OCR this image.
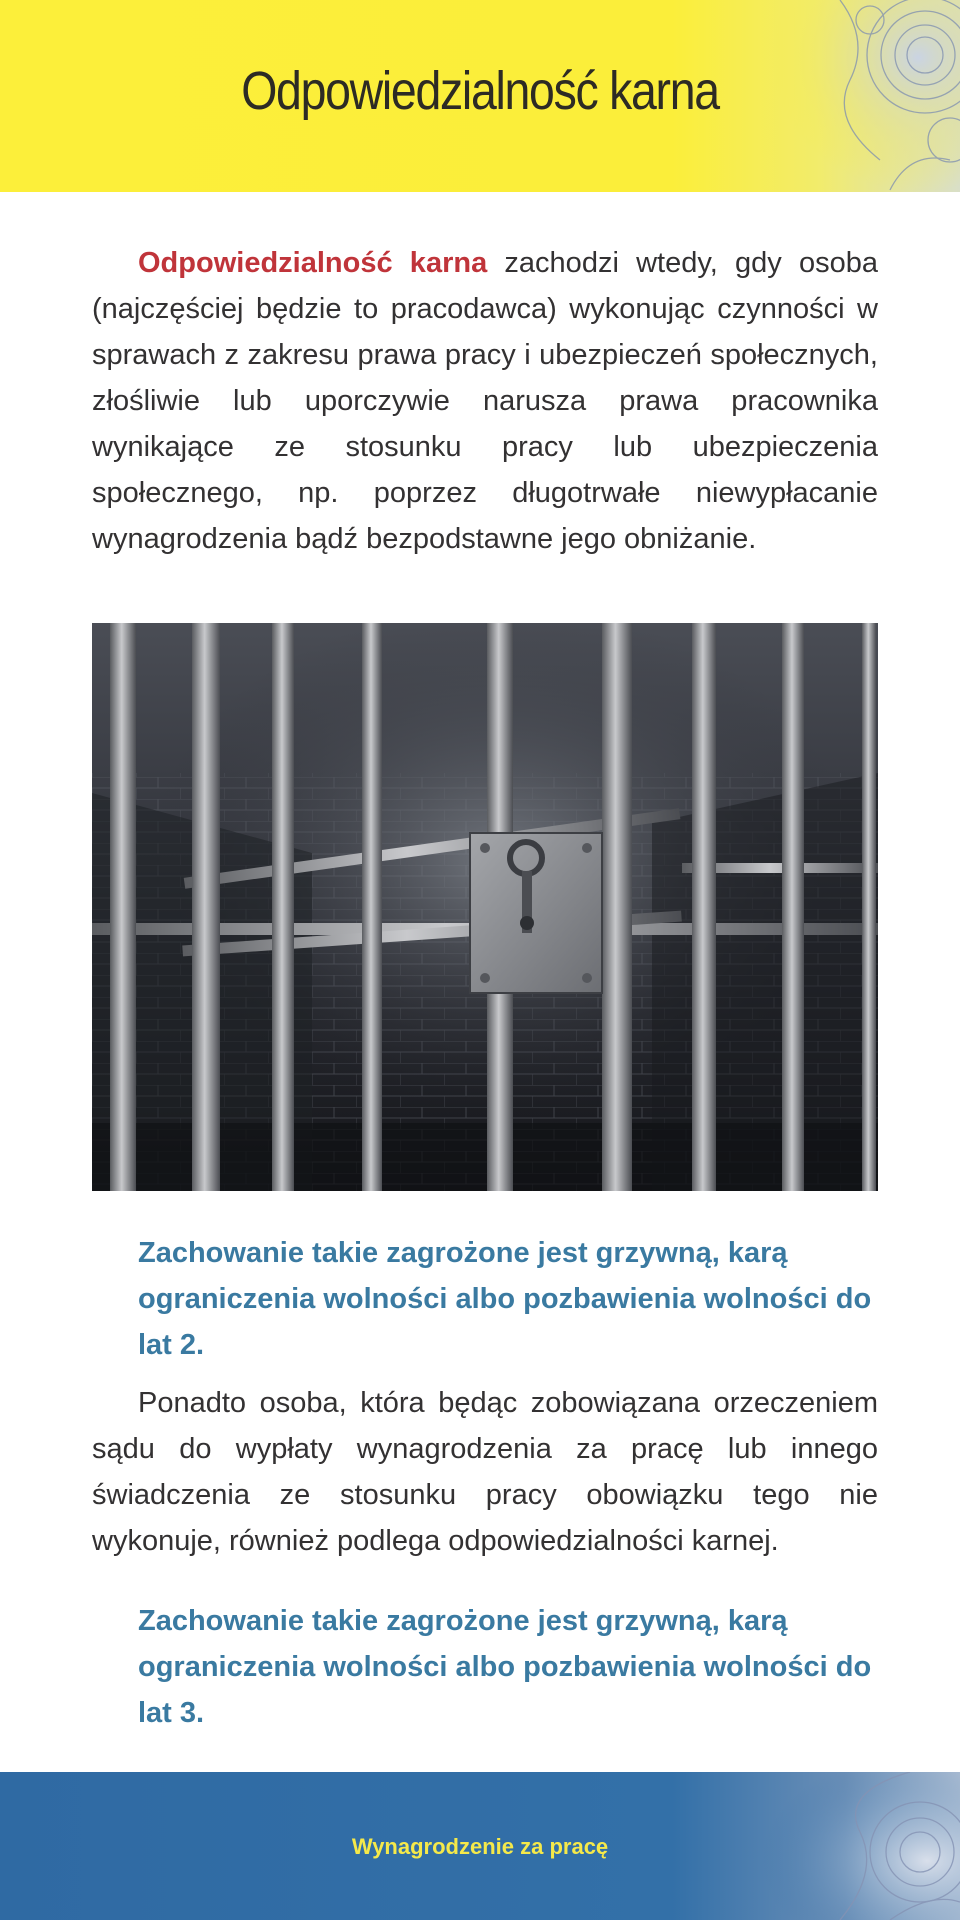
Odpowiedzialność karna

Odpowiedzialność karna zachodzi wtedy, gdy osoba (najczęściej będzie to pracodawca) wykonując czynności w sprawach z zakresu prawa pracy i ubezpieczeń społecznych, złośliwie lub uporczywie narusza prawa pracownika wynikające ze stosunku pracy lub ubezpieczenia społecznego, np. poprzez długotrwałe niewypłacanie wynagrodzenia bądź bezpodstawne jego obniżanie.

Zachowanie takie zagrożone jest grzywną, karą ograniczenia wolności albo pozbawienia wolności do lat 2.

Ponadto osoba, która będąc zobowiązana orzeczeniem sądu do wypłaty wynagrodzenia za pracę lub innego świadczenia ze stosunku pracy obowiązku tego nie wykonuje, również podlega odpowiedzialności karnej.

Zachowanie takie zagrożone jest grzywną, karą ograniczenia wolności albo pozbawienia wolności do lat 3.

Wynagrodzenie za pracę
